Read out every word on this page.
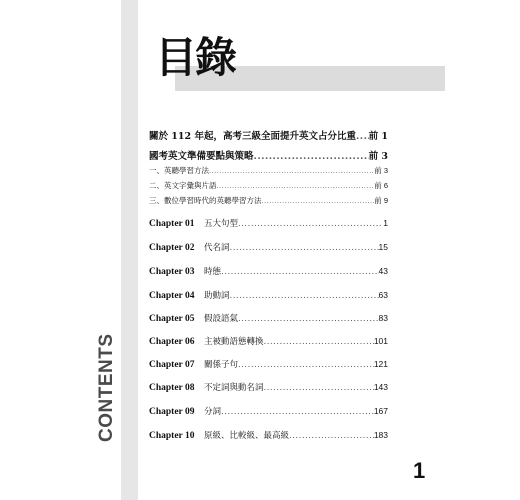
CONTENTS
目錄
關於 112 年起，高考三級全面提升英文占分比重 ..... 前 1
國考英文準備要點與策略 .....	前 3
一、英聽學習方法 .....	前 3
二、英文字彙與片語 .....	前 6
三、數位學習時代的英聽學習方法 .....	前 9
Chapter 01 五大句型 .....	1
Chapter 02 代名詞 .....	15
Chapter 03 時態 .....	43
Chapter 04 助動詞 .....	63
Chapter 05 假設語氣 .....	83
Chapter 06 主被動語態轉換 .....	101
Chapter 07 關係子句 .....	121
Chapter 08 不定詞與動名詞 .....	143
Chapter 09 分詞 .....	167
Chapter 10 原級、比較級、最高級 .....	183
1
